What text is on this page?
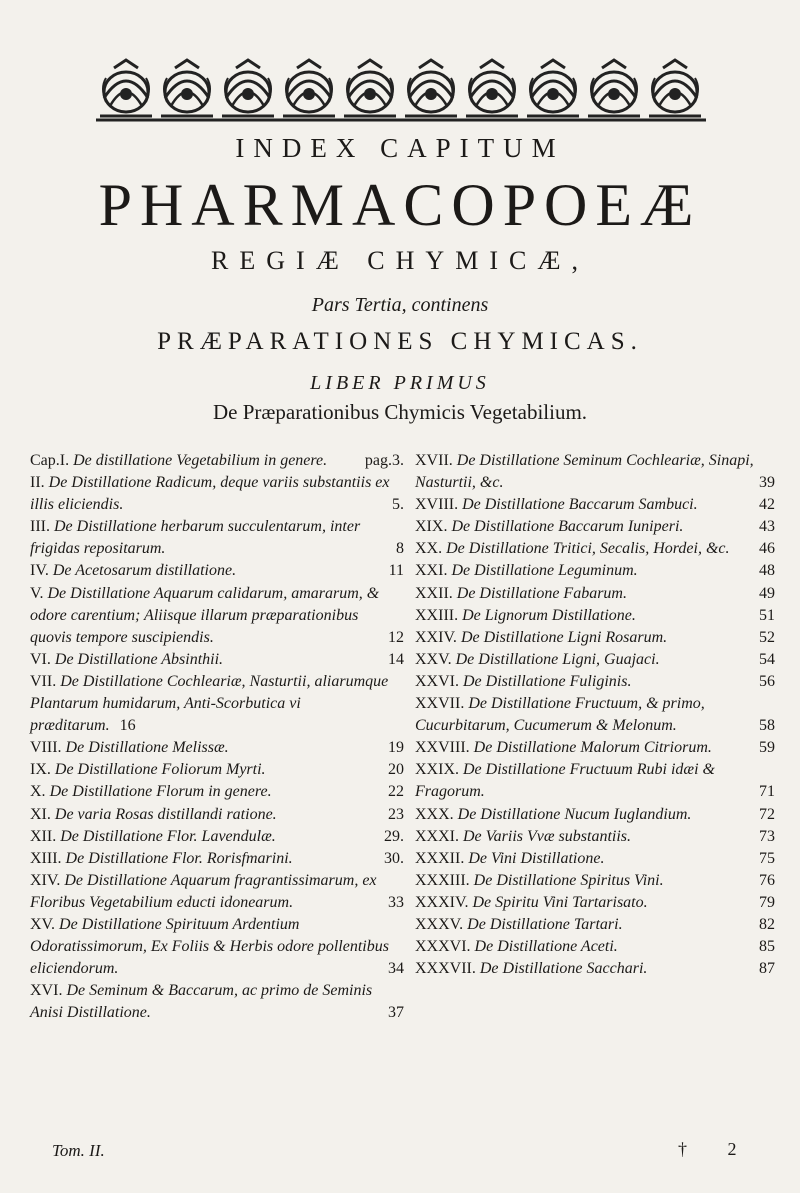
INDEX CAPITUM
PHARMACOPOEÆ
REGIÆ CHYMICÆ,
Pars Tertia, continens
PRÆPARATIONES CHYMICAS.
LIBER PRIMUS
De Præparationibus Chymicis Vegetabilium.
Cap.I. De distillatione Vegetabilium in genere. pag.3.
II. De Distillatione Radicum, deque variis substantiis ex illis eliciendis.	5.
III. De Distillatione herbarum succulentarum, inter frigidas repositarum.	8
IV. De Acetosarum distillatione.	11
V. De Distillatione Aquarum calidarum, amararum, & odore carentium; Aliisque illarum præparationibus quovis tempore suscipiendis.	12
VI. De Distillatione Absinthii.	14
VII. De Distillatione Cochleariæ, Nasturtii, aliarumque Plantarum humidarum, Anti-Scorbutica vi præditarum. 16
VIII. De Distillatione Melissæ.	19
IX. De Distillatione Foliorum Myrti.	20
X. De Distillatione Florum in genere.	22
XI. De varia Rosas distillandi ratione.	23
XII. De Distillatione Flor. Lavendulæ.	29.
XIII. De Distillatione Flor. Rorisfmarini.	30.
XIV. De Distillatione Aquarum fragrantissimarum, ex Floribus Vegetabilium educti idonearum.	33
XV. De Distillatione Spirituum Ardentium Odoratissimorum, Ex Foliis & Herbis odore pollentibus eliciendorum.	34
XVI. De Seminum & Baccarum, ac primo de Seminis Anisi Distillatione.	37
XVII. De Distillatione Seminum Cochleariæ, Sinapi, Nasturtii, &c.	39
XVIII. De Distillatione Baccarum Sambuci.	42
XIX. De Distillatione Baccarum Iuniperi.	43
XX. De Distillatione Tritici, Secalis, Hordei, &c. 46
XXI. De Distillatione Leguminum.	48
XXII. De Distillatione Fabarum.	49
XXIII. De Lignorum Distillatione.	51
XXIV. De Distillatione Ligni Rosarum.	52
XXV. De Distillatione Ligni, Guajaci.	54
XXVI. De Distillatione Fuliginis.	56
XXVII. De Distillatione Fructuum, & primo, Cucurbitarum, Cucumerum & Melonum.	58
XXVIII. De Distillatione Malorum Citriorum.	59
XXIX. De Distillatione Fructuum Rubi idæi & Fragorum.	71
XXX. De Distillatione Nucum Iuglandium.	72
XXXI. De Variis Vvæ substantiis.	73
XXXII. De Vini Distillatione.	75
XXXIII. De Distillatione Spiritus Vini.	76
XXXIV. De Spiritu Vini Tartarisato.	79
XXXV. De Distillatione Tartari.	82
XXXVI. De Distillatione Aceti.	85
XXXVII. De Distillatione Sacchari.	87
Tom. II.	† 2
